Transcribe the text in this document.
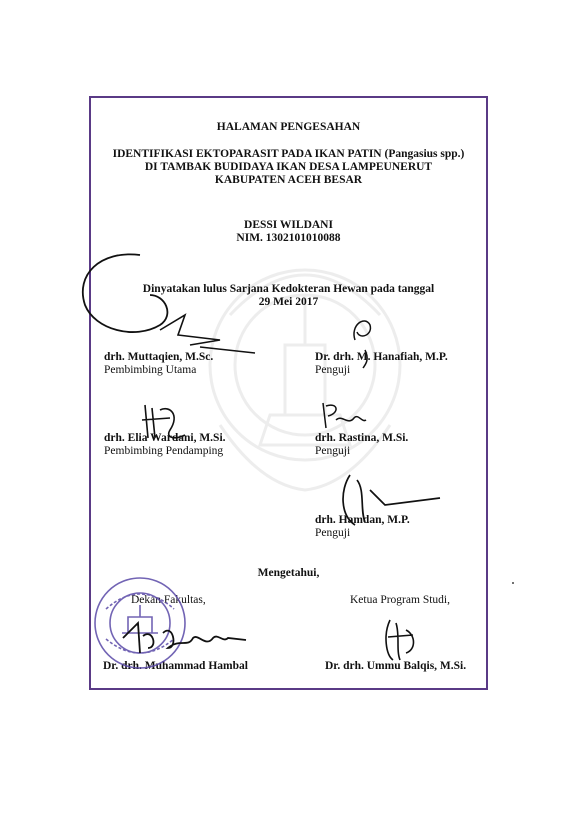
HALAMAN PENGESAHAN
IDENTIFIKASI EKTOPARASIT PADA IKAN PATIN (Pangasius spp.)
DI TAMBAK BUDIDAYA IKAN DESA LAMPEUNERUT
KABUPATEN ACEH BESAR
DESSI WILDANI
NIM. 1302101010088
Dinyatakan lulus Sarjana Kedokteran Hewan pada tanggal
29 Mei 2017
drh. Muttaqien, M.Sc.
Pembimbing Utama
Dr. drh. M. Hanafiah, M.P.
Penguji
drh. Elia Wardani, M.Si.
Pembimbing Pendamping
drh. Rastina, M.Si.
Penguji
drh. Hamdan, M.P.
Penguji
Mengetahui,
Dekan Fakultas,	Ketua Program Studi,
Dr. drh. Muhammad Hambal	Dr. drh. Ummu Balqis, M.Si.
